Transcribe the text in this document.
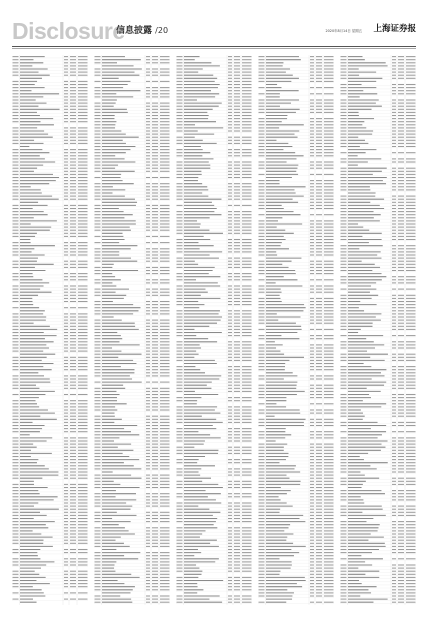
Disclosure
信息披露 /20	2020年8月14日 星期五 上海证券报
